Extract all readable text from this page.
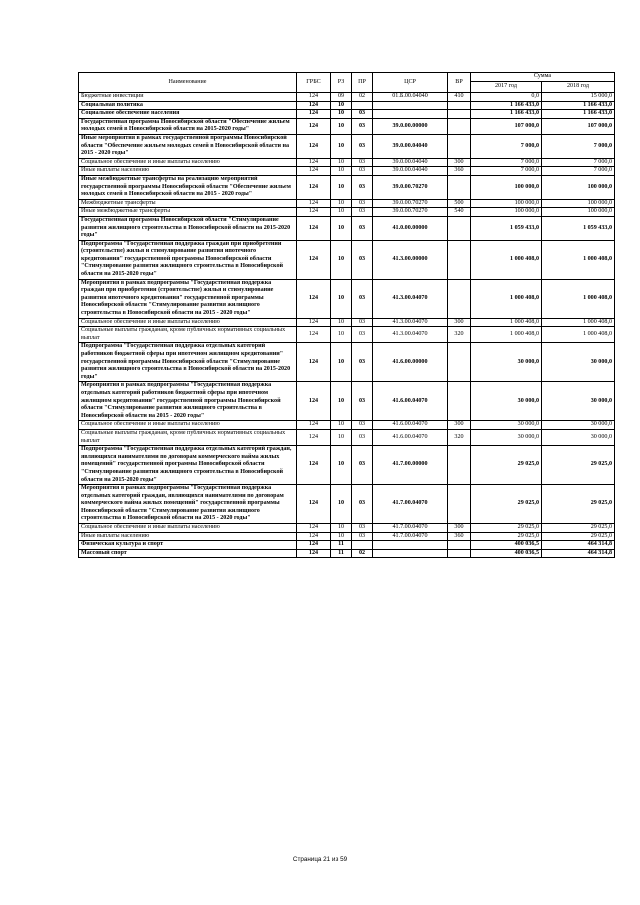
Наименование	ГРБС	РЗ	ПР	ЦСР	ВР	Сумма	
						2017 год	2018 год
Бюджетные инвестиции	124	09	02	01.Б.00.04040	410	0,0	15 000,0
Социальная политика	124	10				1 166 433,0	1 166 433,0
Социальное обеспечение населения	124	10	03			1 166 433,0	1 166 433,0
Государственная программа Новосибирской области "Обеспечение жильем молодых семей в Новосибирской области на 2015-2020 годы"	124	10	03	39.0.00.00000		107 000,0	107 000,0
Иные мероприятия в рамках государственной программы Новосибирской области "Обеспечение жильем молодых семей в Новосибирской области на 2015 - 2020 годы"	124	10	03	39.0.00.04040		7 000,0	7 000,0
Социальное обеспечение и иные выплаты населению	124	10	03	39.0.00.04040	300	7 000,0	7 000,0
Иные выплаты населению	124	10	03	39.0.00.04040	360	7 000,0	7 000,0
Иные межбюджетные трансферты на реализацию мероприятий государственной программы Новосибирской области "Обеспечение жильем молодых семей в Новосибирской области на 2015 - 2020 годы"	124	10	03	39.0.00.70270		100 000,0	100 000,0
Межбюджетные трансферты	124	10	03	39.0.00.70270	500	100 000,0	100 000,0
Иные межбюджетные трансферты	124	10	03	39.0.00.70270	540	100 000,0	100 000,0
Государственная программа Новосибирской области "Стимулирование развития жилищного строительства в Новосибирской области на 2015-2020 годы"	124	10	03	41.0.00.00000		1 059 433,0	1 059 433,0
Подпрограмма "Государственная поддержка граждан при приобретении (строительстве) жилья и стимулирование развития ипотечного кредитования" государственной программы Новосибирской области "Стимулирование развития жилищного строительства в Новосибирской области на 2015-2020 годы"	124	10	03	41.3.00.00000		1 000 408,0	1 000 408,0
Мероприятия в рамках подпрограммы "Государственная поддержка граждан при приобретении (строительстве) жилья и стимулирование развития ипотечного кредитования" государственной программы Новосибирской области "Стимулирование развития жилищного строительства в Новосибирской области на 2015 - 2020 годы"	124	10	03	41.3.00.04070		1 000 408,0	1 000 408,0
Социальное обеспечение и иные выплаты населению	124	10	03	41.3.00.04070	300	1 000 408,0	1 000 408,0
Социальные выплаты гражданам, кроме публичных нормативных социальных выплат	124	10	03	41.3.00.04070	320	1 000 408,0	1 000 408,0
Подпрограмма "Государственная поддержка отдельных категорий работников бюджетной сферы при ипотечном жилищном кредитовании" государственной программы Новосибирской области "Стимулирование развития жилищного строительства в Новосибирской области на 2015-2020 годы"	124	10	03	41.6.00.00000		30 000,0	30 000,0
Мероприятия в рамках подпрограммы "Государственная поддержка отдельных категорий работников бюджетной сферы при ипотечном жилищном кредитовании" государственной программы Новосибирской области "Стимулирование развития жилищного строительства в Новосибирской области на 2015 - 2020 годы"	124	10	03	41.6.00.04070		30 000,0	30 000,0
Социальное обеспечение и иные выплаты населению	124	10	03	41.6.00.04070	300	30 000,0	30 000,0
Социальные выплаты гражданам, кроме публичных нормативных социальных выплат	124	10	03	41.6.00.04070	320	30 000,0	30 000,0
Подпрограмма "Государственная поддержка отдельных категорий граждан, являющихся нанимателями по договорам коммерческого найма жилых помещений" государственной программы Новосибирской области "Стимулирование развития жилищного строительства в Новосибирской области на 2015-2020 годы"	124	10	03	41.7.00.00000		29 025,0	29 025,0
Мероприятия в рамках подпрограммы "Государственная поддержка отдельных категорий граждан, являющихся нанимателями по договорам коммерческого найма жилых помещений" государственной программы Новосибирской области "Стимулирование развития жилищного строительства в Новосибирской области на 2015 - 2020 годы"	124	10	03	41.7.00.04070		29 025,0	29 025,0
Социальное обеспечение и иные выплаты населению	124	10	03	41.7.00.04070	300	29 025,0	29 025,0
Иные выплаты населению	124	10	03	41.7.00.04070	360	29 025,0	29 025,0
Физическая культура и спорт	124	11				400 036,5	464 314,8
Массовый спорт	124	11	02			400 036,5	464 314,8
Страница 21 из 59
